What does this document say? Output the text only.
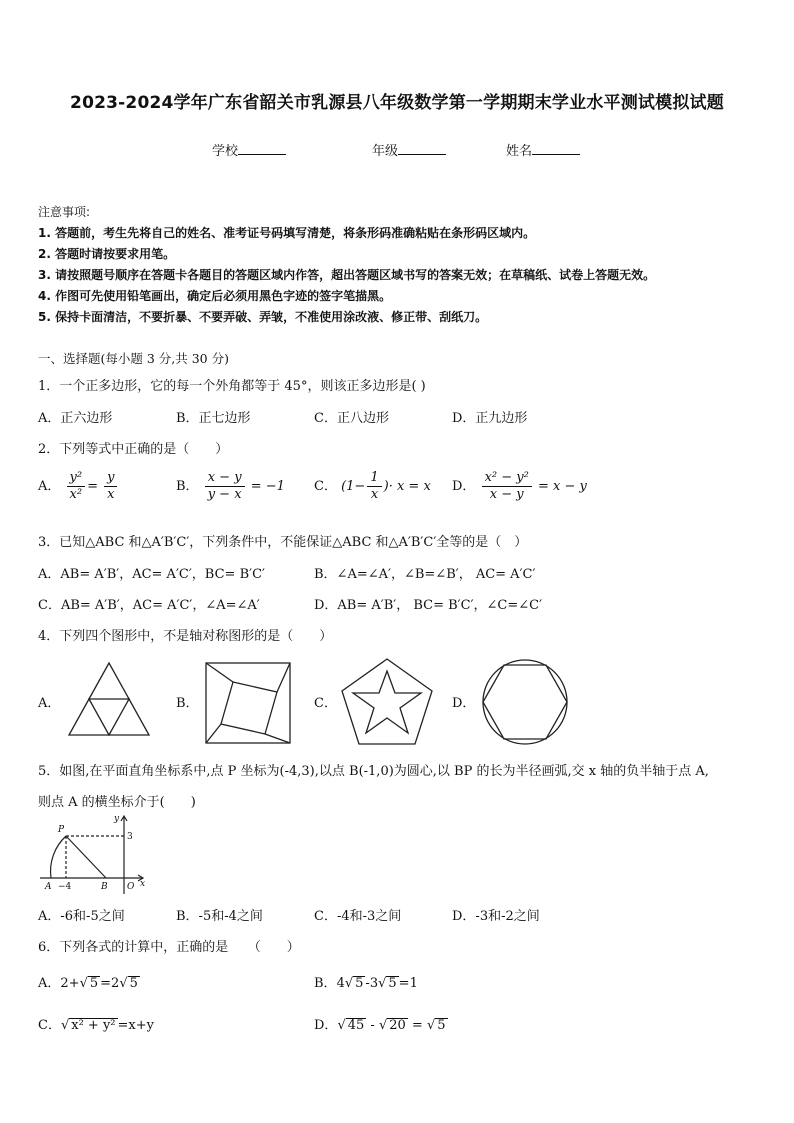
2023-2024学年广东省韶关市乳源县八年级数学第一学期期末学业水平测试模拟试题
学校	年级	姓名
注意事项:
1. 答题前，考生先将自己的姓名、准考证号码填写清楚，将条形码准确粘贴在条形码区域内。
2. 答题时请按要求用笔。
3. 请按照题号顺序在答题卡各题目的答题区域内作答，超出答题区域书写的答案无效；在草稿纸、试卷上答题无效。
4. 作图可先使用铅笔画出，确定后必须用黑色字迹的签字笔描黑。
5. 保持卡面清洁，不要折暴、不要弄破、弄皱，不准使用涂改液、修正带、刮纸刀。
一、选择题(每小题 3 分,共 30 分)
1．一个正多边形，它的每一个外角都等于 45°，则该正多边形是( )
A．正六边形	B．正七边形	C．正八边形	D．正九边形
2．下列等式中正确的是（　　）
A． $\frac{\text{y²}}{\text{x²}} = \frac{y}{x}$	B． $\frac{x - y}{y - x} = -1$ C． ($1- \frac{1}{x}$ )· x = x D． $\frac{\text{x² − y²}}{x - y} = x - y$
3．已知△ABC 和△A′B′C′，下列条件中，不能保证△ABC 和△A′B′C′全等的是（　）
A．AB= A′B′，AC= A′C′，BC= B′C′	B．∠A=∠A′，∠B=∠B′， AC= A′C′
C．AB= A′B′，AC= A′C′，∠A=∠A′	D．AB= A′B′， BC= B′C′，∠C=∠C′
4．下列四个图形中，不是轴对称图形的是（　　）
A．	B．	C．	D．
5．如图,在平面直角坐标系中,点 P 坐标为(-4,3),以点 B(-1,0)为圆心,以 BP 的长为半径画弧,交 x 轴的负半轴于点 A,
则点 A 的横坐标介于(　　)
P
A −4	B O x
y
3
A．-6和-5之间	B．-5和-4之间	C．-4和-3之间	D．-3和-2之间
6．下列各式的计算中，正确的是　　（　　）
A．2+√ 5 =2√ 5	B．4√ 5 -3√ 5 =1
C．√ x² + y² =x+y	D．√ 45 - √ 20 = √ 5
